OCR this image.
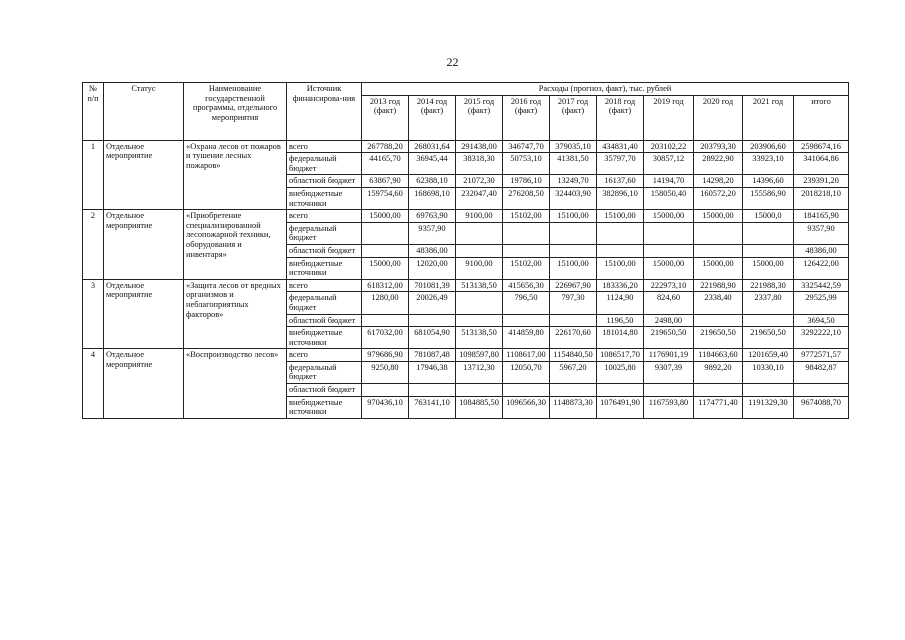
22
№ п/п	Статус	Наименование государственной программы, отдельного мероприятия	Источник финансирова-ния	Расходы (прогноз, факт), тыс. рублей									
				2013 год (факт)	2014 год (факт)	2015 год (факт)	2016 год (факт)	2017 год (факт)	2018 год (факт)	2019 год	2020 год	2021 год	итого
1	Отдельное мероприятие	«Охрана лесов от пожаров и тушение лесных пожаров»	всего	267788,20	268031,64	291438,00	346747,70	379035,10	434831,40	203102,22	203793,30	203906,60	2598674,16
			федеральный бюджет	44165,70	36945,44	38318,30	50753,10	41381,50	35797,70	30857,12	28922,90	33923,10	341064,86
			областной бюджет	63867,90	62388,10	21072,30	19786,10	13249,70	16137,60	14194,70	14298,20	14396,60	239391,20
			внебюджетные источники	159754,60	168698,10	232047,40	276208,50	324403,90	382896,10	158050,40	160572,20	155586,90	2018218,10
2	Отдельное мероприятие	«Приобретение специализированной лесопожарной техники, оборудования и инвентаря»	всего	15000,00	69763,90	9100,00	15102,00	15100,00	15100,00	15000,00	15000,00	15000,0	184165,90
			федеральный бюджет		9357,90								9357,90
			областной бюджет		48386,00								48386,00
			внебюджетные источники	15000,00	12020,00	9100,00	15102,00	15100,00	15100,00	15000,00	15000,00	15000,00	126422,00
3	Отдельное мероприятие	«Защита лесов от вредных организмов и неблагоприятных факторов»	всего	618312,00	701081,39	513138,50	415656,30	226967,90	183336,20	222973,10	221988,90	221988,30	3325442,59
			федеральный бюджет	1280,00	20026,49		796,50	797,30	1124,90	824,60	2338,40	2337,80	29525,99
			областной бюджет						1196,50	2498,00			3694,50
			внебюджетные источники	617032,00	681054,90	513138,50	414859,80	226170,60	181014,80	219650,50	219650,50	219650,50	3292222,10
4	Отдельное мероприятие	«Воспроизводство лесов»	всего	979686,90	781087,48	1098597,80	1108617,00	1154840,50	1086517,70	1176901,19	1184663,60	1201659,40	9772571,57
			федеральный бюджет	9250,80	17946,38	13712,30	12050,70	5967,20	10025,80	9307,39	9892,20	10330,10	98482,87
			областной бюджет										
			внебюджетные источники	970436,10	763141,10	1084885,50	1096566,30	1148873,30	1076491,90	1167593,80	1174771,40	1191329,30	9674088,70
